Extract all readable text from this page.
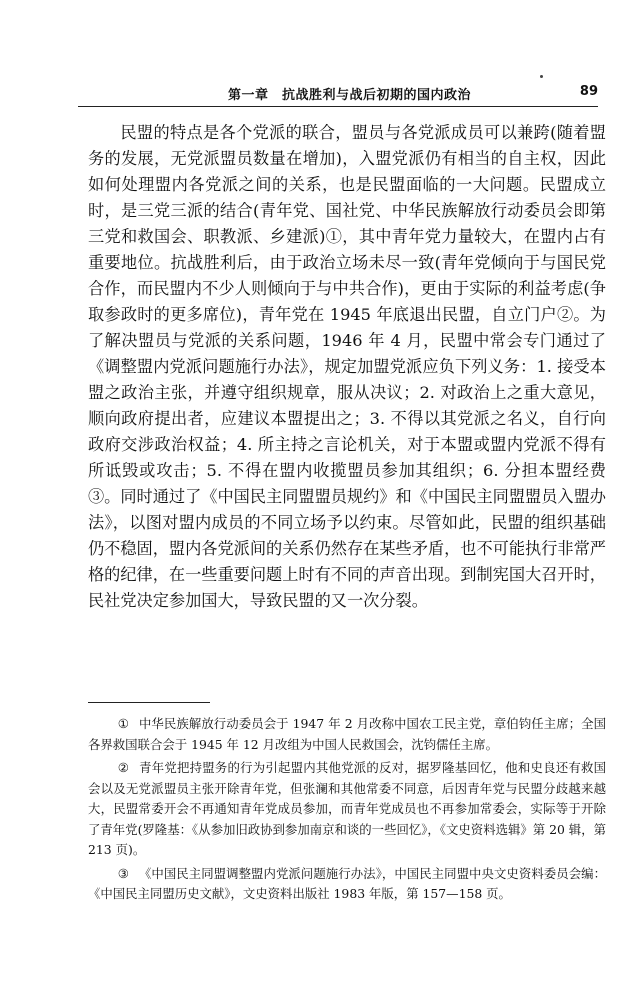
第一章　抗战胜利与战后初期的国内政治	89

民盟的特点是各个党派的联合，盟员与各党派成员可以兼跨(随着盟务的发展，无党派盟员数量在增加)，入盟党派仍有相当的自主权，因此如何处理盟内各党派之间的关系，也是民盟面临的一大问题。民盟成立时，是三党三派的结合(青年党、国社党、中华民族解放行动委员会即第三党和救国会、职教派、乡建派)①，其中青年党力量较大，在盟内占有重要地位。抗战胜利后，由于政治立场未尽一致(青年党倾向于与国民党合作，而民盟内不少人则倾向于与中共合作)，更由于实际的利益考虑(争取参政时的更多席位)，青年党在 1945 年底退出民盟，自立门户②。为了解决盟员与党派的关系问题，1946 年 4 月，民盟中常会专门通过了《调整盟内党派问题施行办法》，规定加盟党派应负下列义务：1. 接受本盟之政治主张，并遵守组织规章，服从决议；2. 对政治上之重大意见，顺向政府提出者，应建议本盟提出之；3. 不得以其党派之名义，自行向政府交涉政治权益；4. 所主持之言论机关，对于本盟或盟内党派不得有所诋毁或攻击；5. 不得在盟内收揽盟员参加其组织；6. 分担本盟经费③。同时通过了《中国民主同盟盟员规约》和《中国民主同盟盟员入盟办法》，以图对盟内成员的不同立场予以约束。尽管如此，民盟的组织基础仍不稳固，盟内各党派间的关系仍然存在某些矛盾，也不可能执行非常严格的纪律，在一些重要问题上时有不同的声音出现。到制宪国大召开时，民社党决定参加国大，导致民盟的又一次分裂。

① 中华民族解放行动委员会于 1947 年 2 月改称中国农工民主党，章伯钧任主席；全国各界救国联合会于 1945 年 12 月改组为中国人民救国会，沈钧儒任主席。

② 青年党把持盟务的行为引起盟内其他党派的反对，据罗隆基回忆，他和史良还有救国会以及无党派盟员主张开除青年党，但张澜和其他常委不同意，后因青年党与民盟分歧越来越大，民盟常委开会不再通知青年党成员参加，而青年党成员也不再参加常委会，实际等于开除了青年党(罗隆基：《从参加旧政协到参加南京和谈的一些回忆》，《文史资料选辑》第 20 辑，第 213 页)。

③ 《中国民主同盟调整盟内党派问题施行办法》，中国民主同盟中央文史资料委员会编：《中国民主同盟历史文献》，文史资料出版社 1983 年版，第 157—158 页。
